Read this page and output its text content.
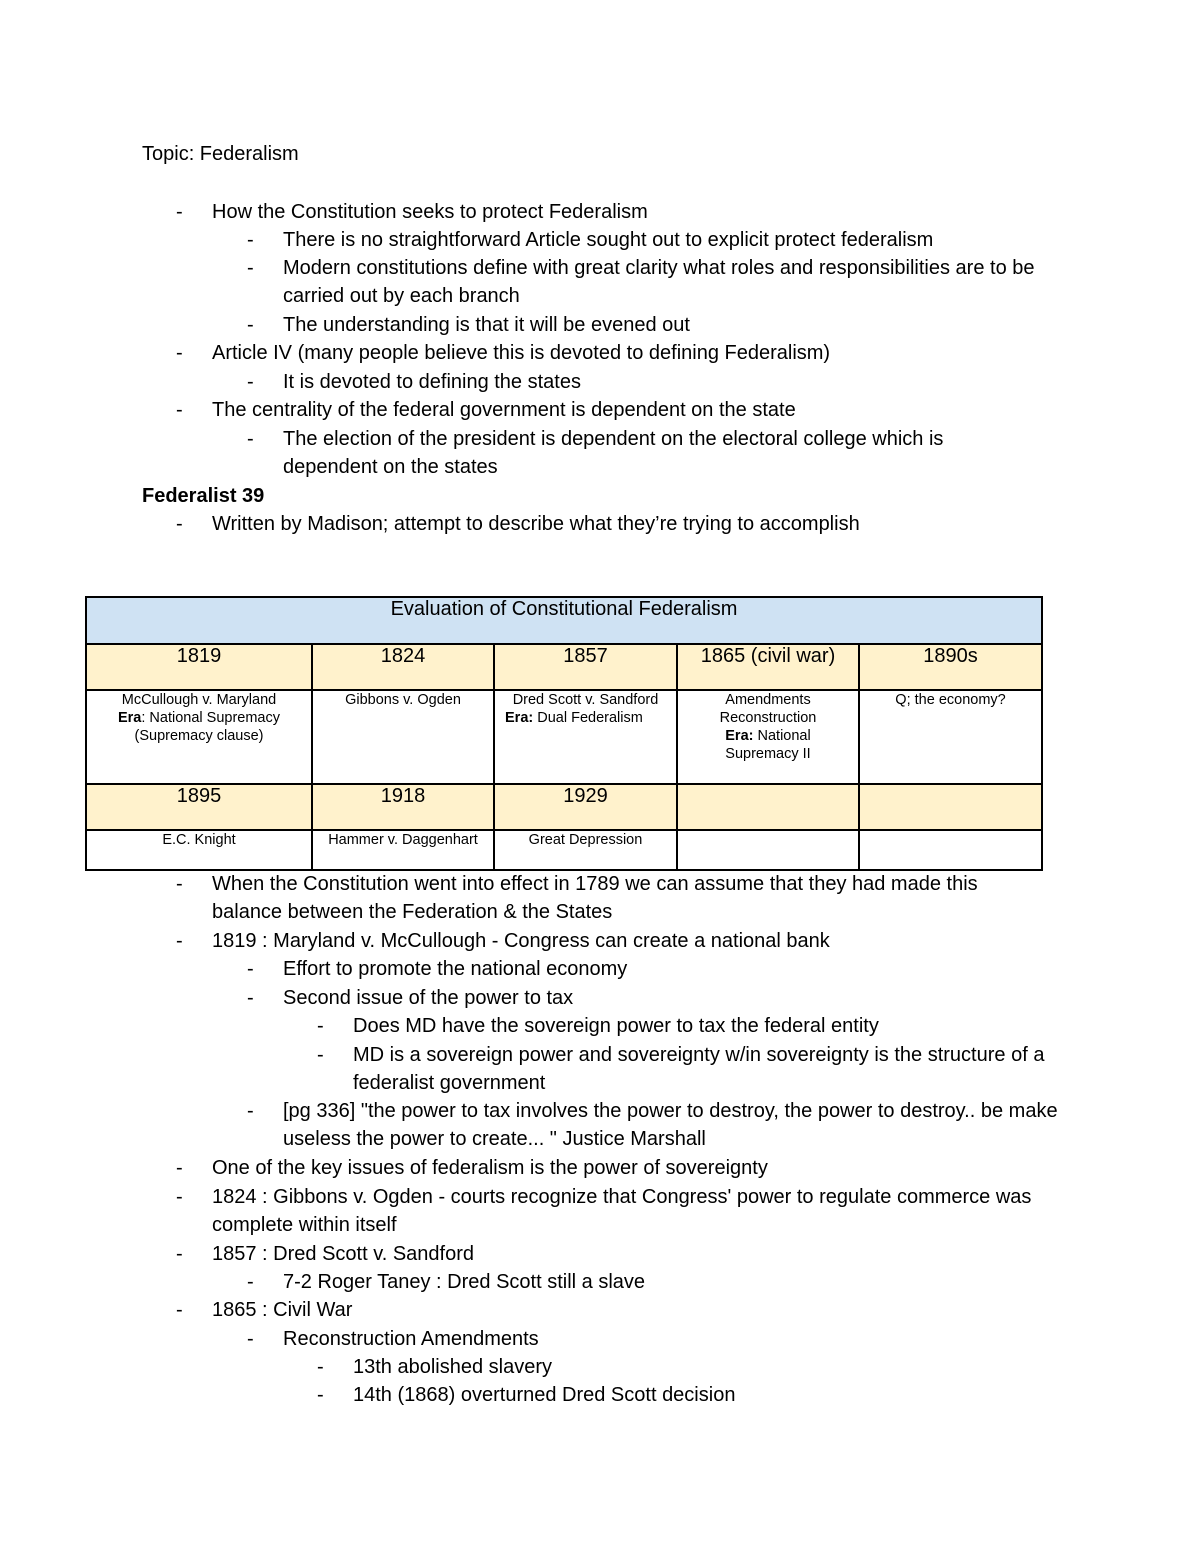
Topic: Federalism

- How the Constitution seeks to protect Federalism

- There is no straightforward Article sought out to explicit protect federalism

- Modern constitutions define with great clarity what roles and responsibilities are to be carried out by each branch

- The understanding is that it will be evened out

- Article IV (many people believe this is devoted to defining Federalism)

- It is devoted to defining the states

- The centrality of the federal government is dependent on the state

- The election of the president is dependent on the electoral college which is dependent on the states

Federalist 39

- Written by Madison; attempt to describe what they’re trying to accomplish

Evaluation of Constitutional Federalism				
1819	1824	1857	1865 (civil war)	1890s

McCullough v. Maryland
Era: National Supremacy
(Supremacy clause)	Gibbons v. Ogden	Dred Scott v. Sandford
Era: Dual Federalism	Amendments
Reconstruction
Era: National
Supremacy II	Q; the economy?

1895	1918	1929		
E.C. Knight	Hammer v. Daggenhart	Great Depression		

- When the Constitution went into effect in 1789 we can assume that they had made this balance between the Federation & the States

- 1819 : Maryland v. McCullough - Congress can create a national bank

- Effort to promote the national economy

- Second issue of the power to tax

- Does MD have the sovereign power to tax the federal entity

- MD is a sovereign power and sovereignty w/in sovereignty is the structure of a federalist government

- [pg 336] "the power to tax involves the power to destroy, the power to destroy.. be make useless the power to create... " Justice Marshall

- One of the key issues of federalism is the power of sovereignty

- 1824 : Gibbons v. Ogden - courts recognize that Congress' power to regulate commerce was complete within itself

- 1857 : Dred Scott v. Sandford

- 7-2 Roger Taney : Dred Scott still a slave

- 1865 : Civil War

- Reconstruction Amendments

- 13th abolished slavery

- 14th (1868) overturned Dred Scott decision
